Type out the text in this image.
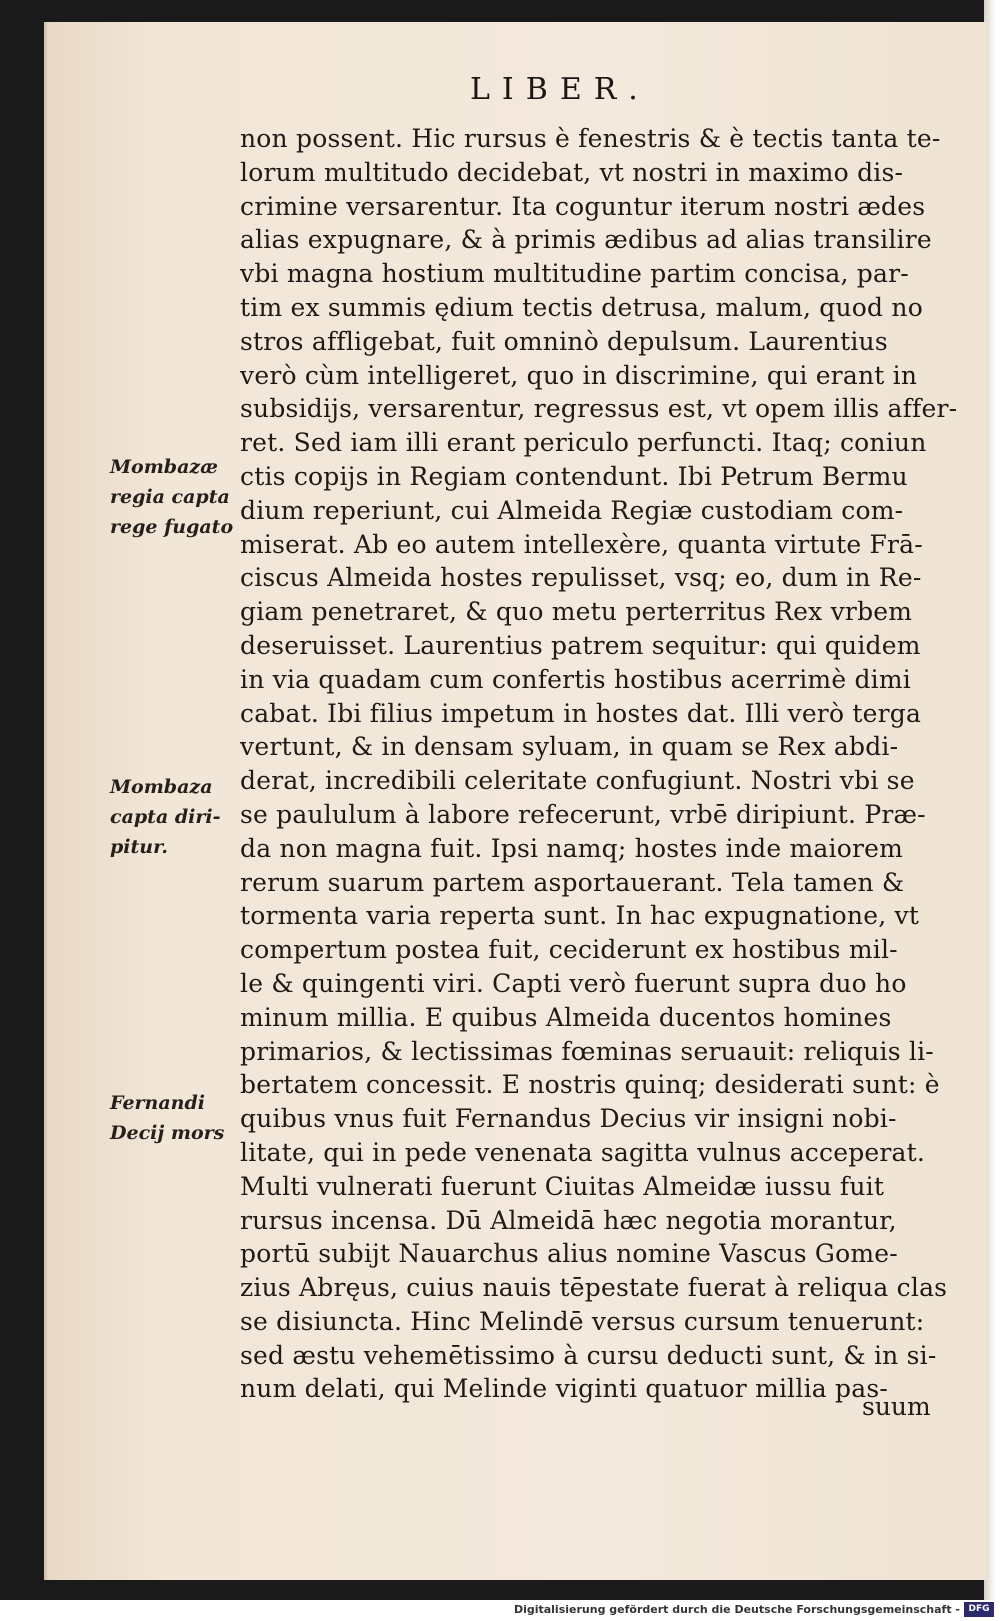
LIBER.
non possent. Hic rursus è fenestris & è tectis tanta te-
lorum multitudo decidebat, vt nostri in maximo dis-
crimine versarentur. Ita coguntur iterum nostri ædes
alias expugnare, & à primis ædibus ad alias transilire
vbi magna hostium multitudine partim concisa, par-
tim ex summis ędium tectis detrusa, malum, quod no
stros affligebat, fuit omninò depulsum. Laurentius
verò cùm intelligeret, quo in discrimine, qui erant in
subsidijs, versarentur, regressus est, vt opem illis affer-
ret. Sed iam illi erant periculo perfuncti. Itaq; coniun
ctis copijs in Regiam contendunt. Ibi Petrum Bermu
dium reperiunt, cui Almeida Regiæ custodiam com-
miserat. Ab eo autem intellexère, quanta virtute Frā-
ciscus Almeida hostes repulisset, vsq; eo, dum in Re-
giam penetraret, & quo metu perterritus Rex vrbem
deseruisset. Laurentius patrem sequitur: qui quidem
in via quadam cum confertis hostibus acerrimè dimi
cabat. Ibi filius impetum in hostes dat. Illi verò terga
vertunt, & in densam syluam, in quam se Rex abdi-
derat, incredibili celeritate confugiunt. Nostri vbi se
se paululum à labore refecerunt, vrbē diripiunt. Præ-
da non magna fuit. Ipsi namq; hostes inde maiorem
rerum suarum partem asportauerant. Tela tamen &
tormenta varia reperta sunt. In hac expugnatione, vt
compertum postea fuit, ceciderunt ex hostibus mil-
le & quingenti viri. Capti verò fuerunt supra duo ho
minum millia. E quibus Almeida ducentos homines
primarios, & lectissimas fœminas seruauit: reliquis li-
bertatem concessit. E nostris quinq; desiderati sunt: è
quibus vnus fuit Fernandus Decius vir insigni nobi-
litate, qui in pede venenata sagitta vulnus acceperat.
Multi vulnerati fuerunt Ciuitas Almeidæ iussu fuit
rursus incensa. Dū Almeidā hæc negotia morantur,
portū subijt Nauarchus alius nomine Vascus Gome-
zius Abręus, cuius nauis tēpestate fuerat à reliqua clas
se disiuncta. Hinc Melindē versus cursum tenuerunt:
sed æstu vehemētissimo à cursu deducti sunt, & in si-
num delati, qui Melinde viginti quatuor millia pas-
Mombazæ
regia capta
rege fugato
Mombaza
capta diri-
pitur.
Fernandi
Decij mors
suum
Digitalisierung gefördert durch die Deutsche Forschungsgemeinschaft - DFG
